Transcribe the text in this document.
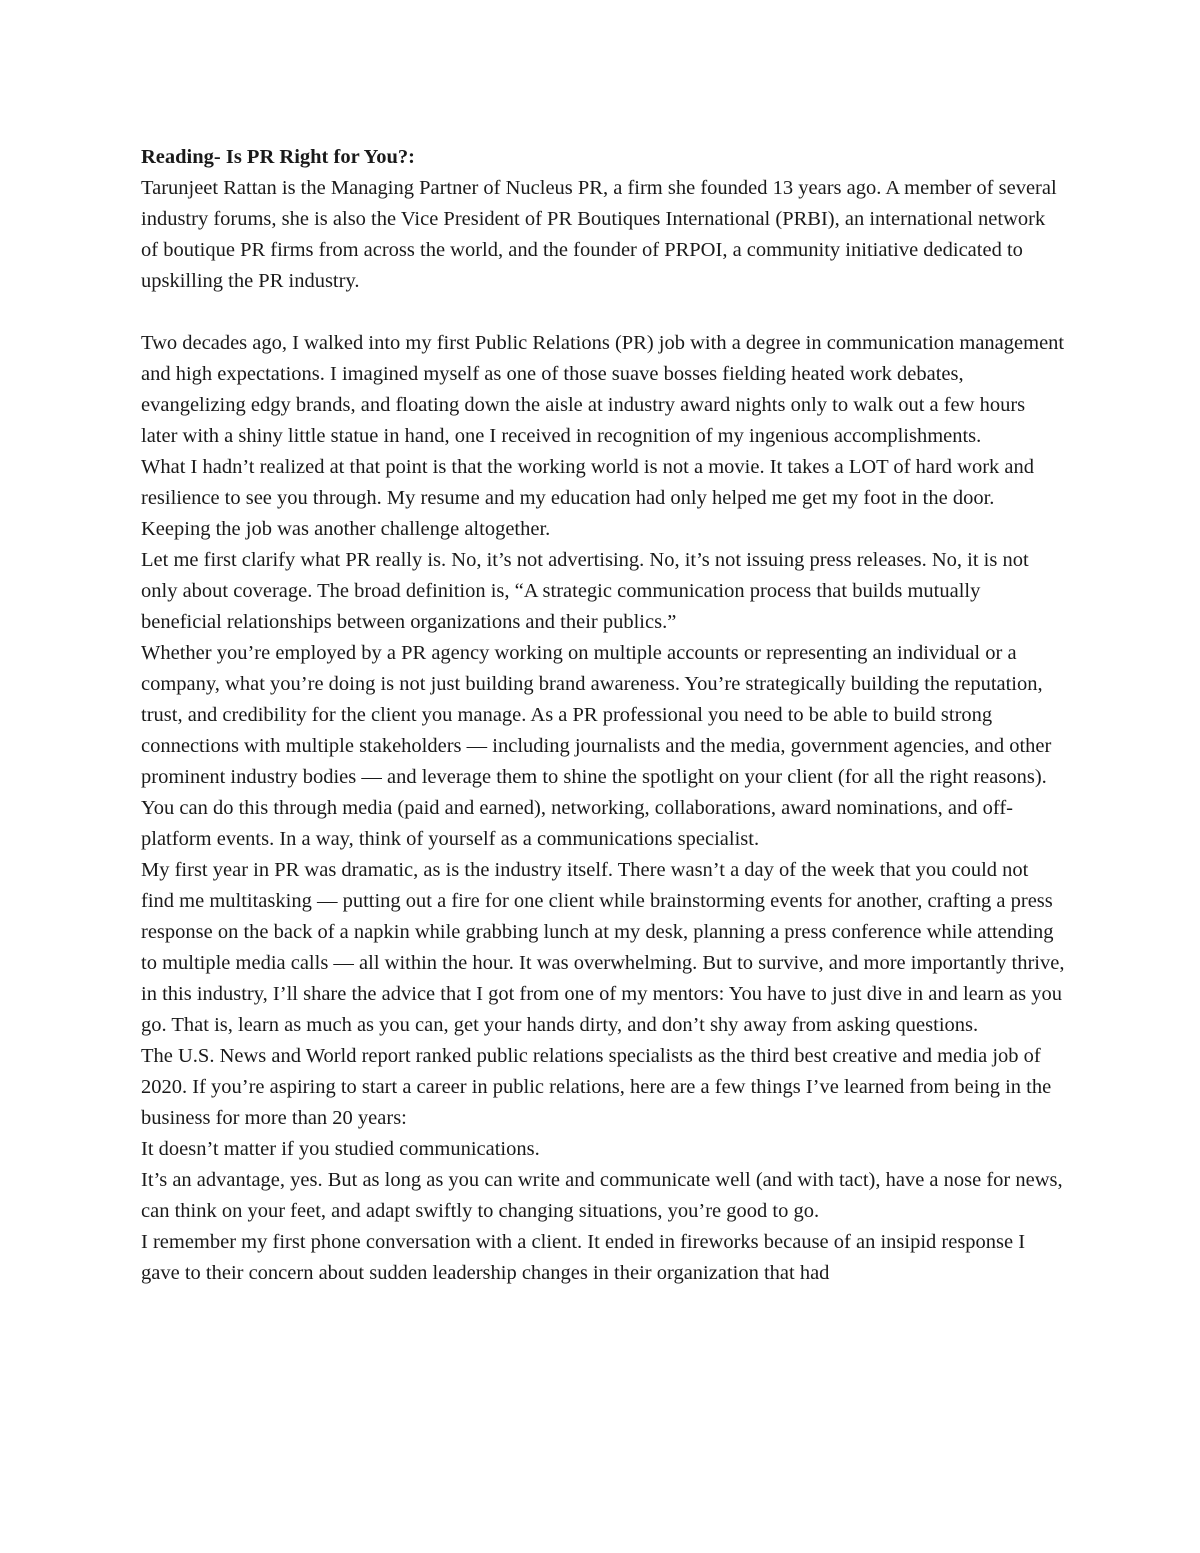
Reading- Is PR Right for You?:

Tarunjeet Rattan is the Managing Partner of Nucleus PR, a firm she founded 13 years ago. A member of several industry forums, she is also the Vice President of PR Boutiques International (PRBI), an international network of boutique PR firms from across the world, and the founder of PRPOI, a community initiative dedicated to upskilling the PR industry.

Two decades ago, I walked into my first Public Relations (PR) job with a degree in communication management and high expectations. I imagined myself as one of those suave bosses fielding heated work debates, evangelizing edgy brands, and floating down the aisle at industry award nights only to walk out a few hours later with a shiny little statue in hand, one I received in recognition of my ingenious accomplishments.

What I hadn’t realized at that point is that the working world is not a movie. It takes a LOT of hard work and resilience to see you through. My resume and my education had only helped me get my foot in the door. Keeping the job was another challenge altogether.

Let me first clarify what PR really is. No, it’s not advertising. No, it’s not issuing press releases. No, it is not only about coverage. The broad definition is, “A strategic communication process that builds mutually beneficial relationships between organizations and their publics.”

Whether you’re employed by a PR agency working on multiple accounts or representing an individual or a company, what you’re doing is not just building brand awareness. You’re strategically building the reputation, trust, and credibility for the client you manage. As a PR professional you need to be able to build strong connections with multiple stakeholders — including journalists and the media, government agencies, and other prominent industry bodies — and leverage them to shine the spotlight on your client (for all the right reasons). You can do this through media (paid and earned), networking, collaborations, award nominations, and off-platform events. In a way, think of yourself as a communications specialist.

My first year in PR was dramatic, as is the industry itself. There wasn’t a day of the week that you could not find me multitasking — putting out a fire for one client while brainstorming events for another, crafting a press response on the back of a napkin while grabbing lunch at my desk, planning a press conference while attending to multiple media calls — all within the hour. It was overwhelming. But to survive, and more importantly thrive, in this industry, I’ll share the advice that I got from one of my mentors: You have to just dive in and learn as you go. That is, learn as much as you can, get your hands dirty, and don’t shy away from asking questions.

The U.S. News and World report ranked public relations specialists as the third best creative and media job of 2020. If you’re aspiring to start a career in public relations, here are a few things I’ve learned from being in the business for more than 20 years:

It doesn’t matter if you studied communications.

It’s an advantage, yes. But as long as you can write and communicate well (and with tact), have a nose for news, can think on your feet, and adapt swiftly to changing situations, you’re good to go.

I remember my first phone conversation with a client. It ended in fireworks because of an insipid response I gave to their concern about sudden leadership changes in their organization that had
